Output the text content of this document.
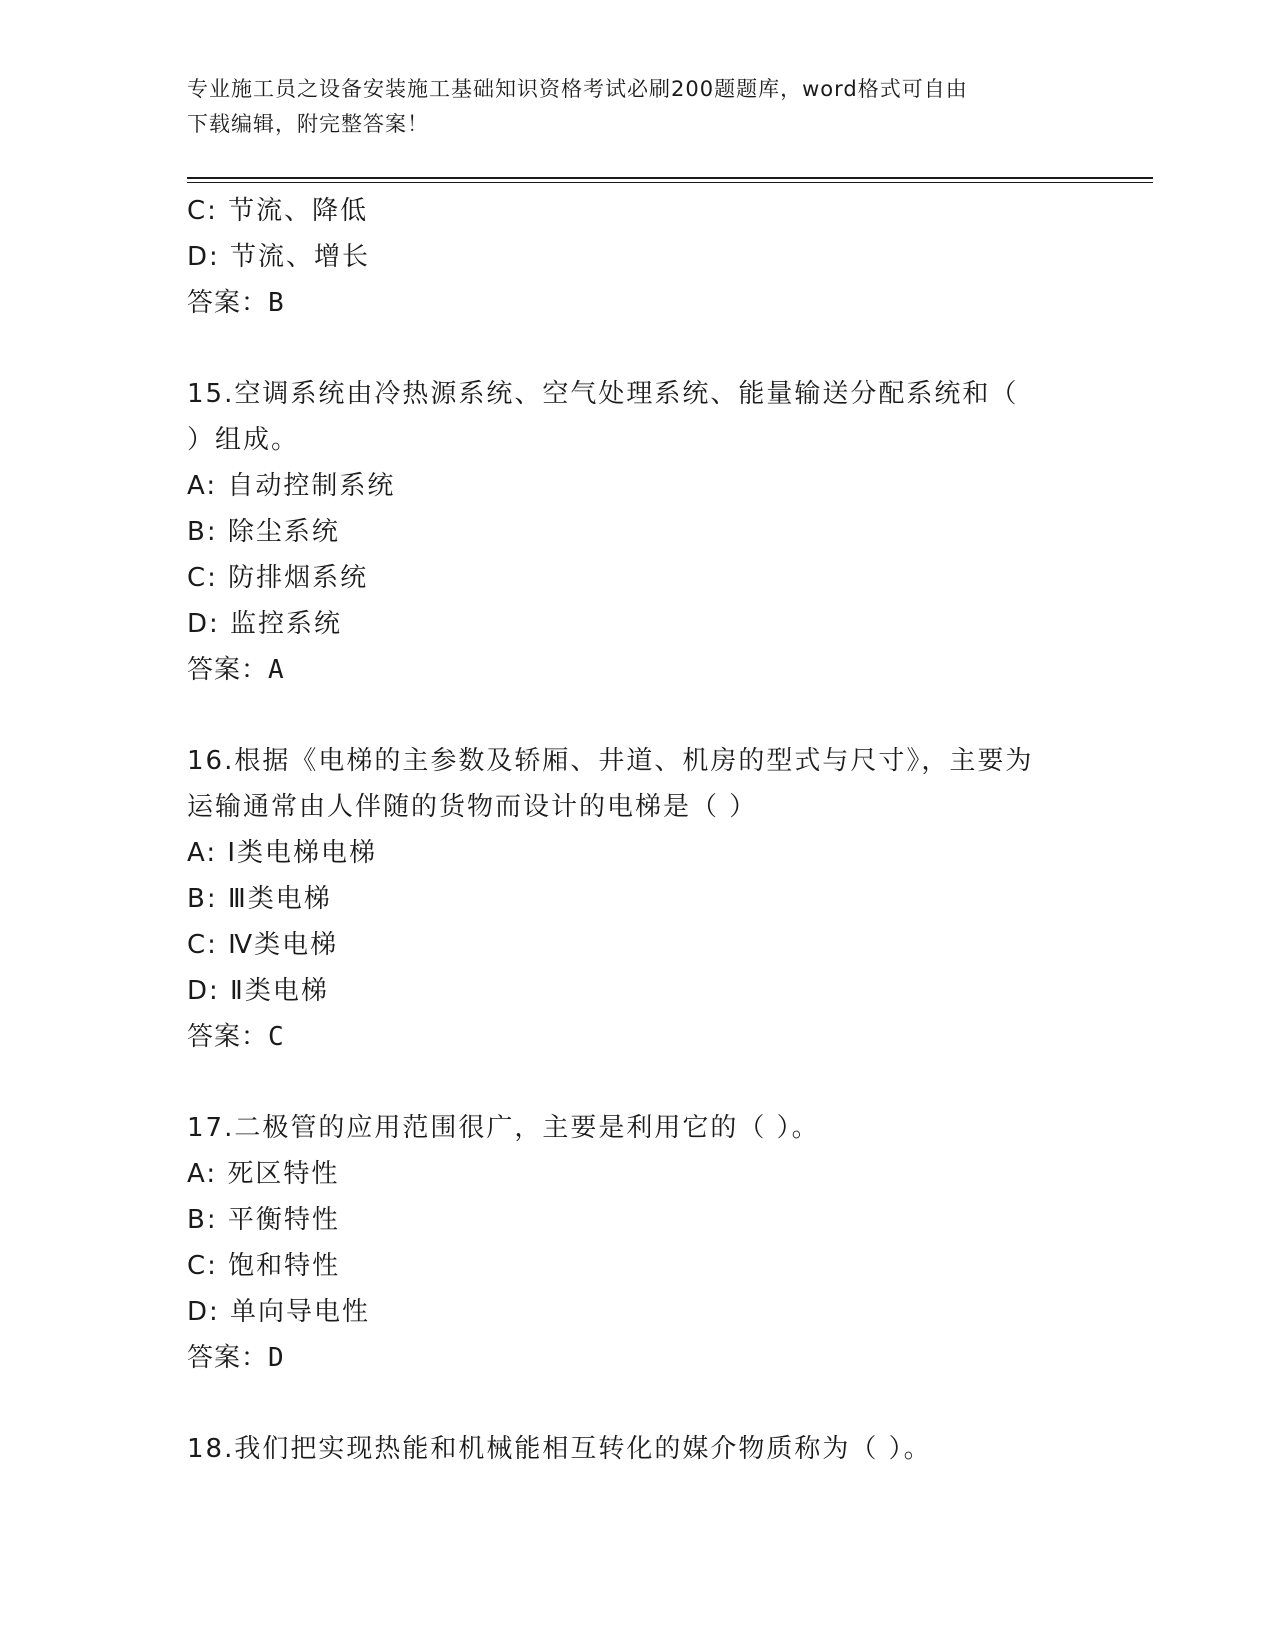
专业施工员之设备安装施工基础知识资格考试必刷200题题库，word格式可自由
下载编辑，附完整答案！
C: 节流、降低
D: 节流、增长
答案：B
15.空调系统由冷热源系统、空气处理系统、能量输送分配系统和（
）组成。
A: 自动控制系统
B: 除尘系统
C: 防排烟系统
D: 监控系统
答案：A
16.根据《电梯的主参数及轿厢、井道、机房的型式与尺寸》，主要为
运输通常由人伴随的货物而设计的电梯是（ ）
A: Ⅰ类电梯电梯
B: Ⅲ类电梯
C: Ⅳ类电梯
D: Ⅱ类电梯
答案：C
17.二极管的应用范围很广，主要是利用它的（ ）。
A: 死区特性
B: 平衡特性
C: 饱和特性
D: 单向导电性
答案：D
18.我们把实现热能和机械能相互转化的媒介物质称为（ ）。
